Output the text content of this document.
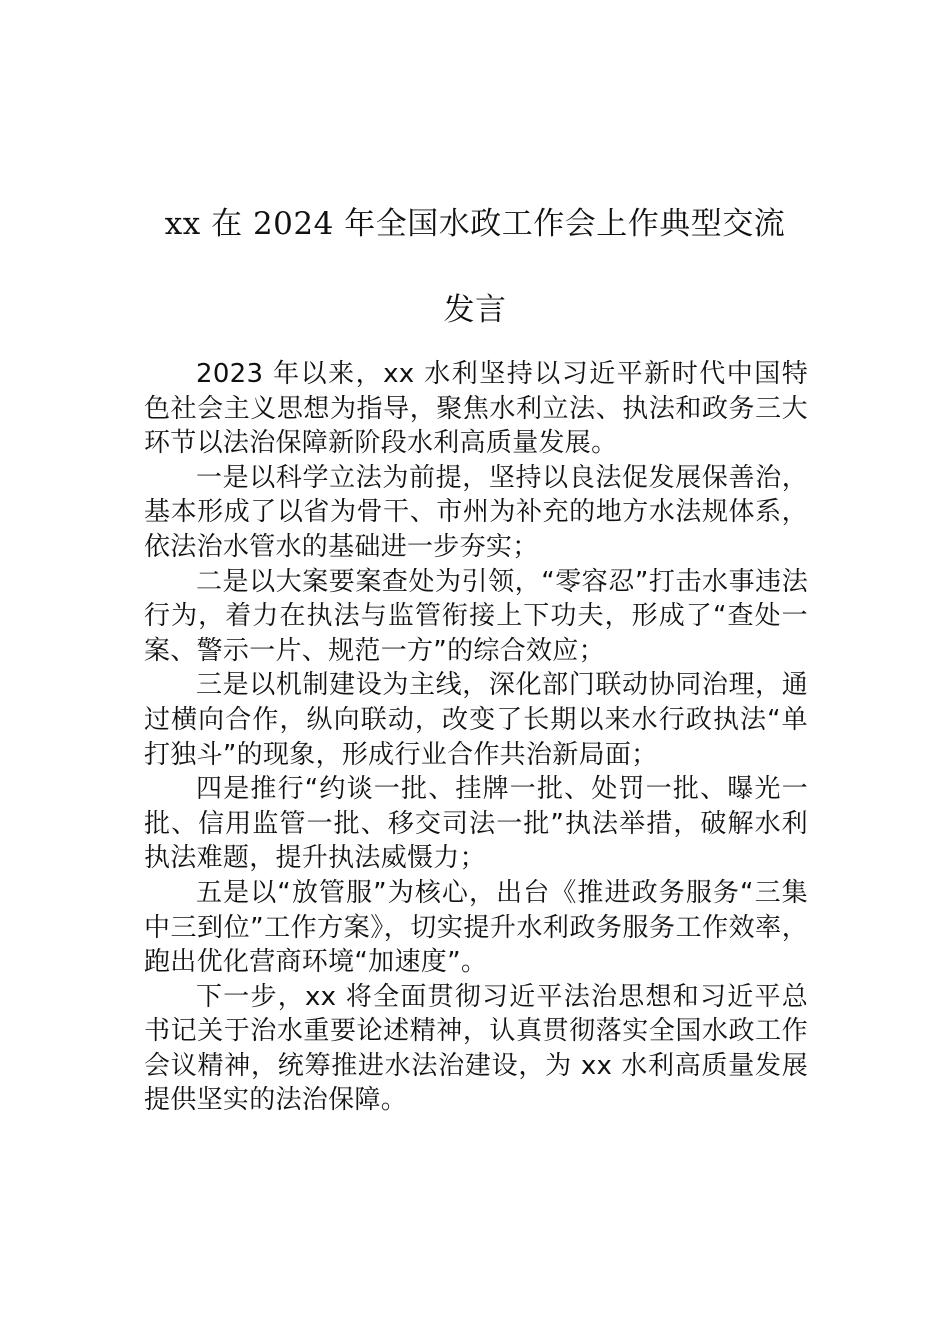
xx 在 2024 年全国水政工作会上作典型交流
发言

2023 年以来，xx 水利坚持以习近平新时代中国特色社会主义思想为指导，聚焦水利立法、执法和政务三大环节以法治保障新阶段水利高质量发展。

一是以科学立法为前提，坚持以良法促发展保善治，基本形成了以省为骨干、市州为补充的地方水法规体系，依法治水管水的基础进一步夯实；

二是以大案要案查处为引领，“零容忍”打击水事违法行为，着力在执法与监管衔接上下功夫，形成了“查处一案、警示一片、规范一方”的综合效应；

三是以机制建设为主线，深化部门联动协同治理，通过横向合作，纵向联动，改变了长期以来水行政执法“单打独斗”的现象，形成行业合作共治新局面；

四是推行“约谈一批、挂牌一批、处罚一批、曝光一批、信用监管一批、移交司法一批”执法举措，破解水利执法难题，提升执法威慑力；

五是以“放管服”为核心，出台《推进政务服务“三集中三到位”工作方案》，切实提升水利政务服务工作效率，跑出优化营商环境“加速度”。

下一步，xx 将全面贯彻习近平法治思想和习近平总书记关于治水重要论述精神，认真贯彻落实全国水政工作会议精神，统筹推进水法治建设，为 xx 水利高质量发展提供坚实的法治保障。
